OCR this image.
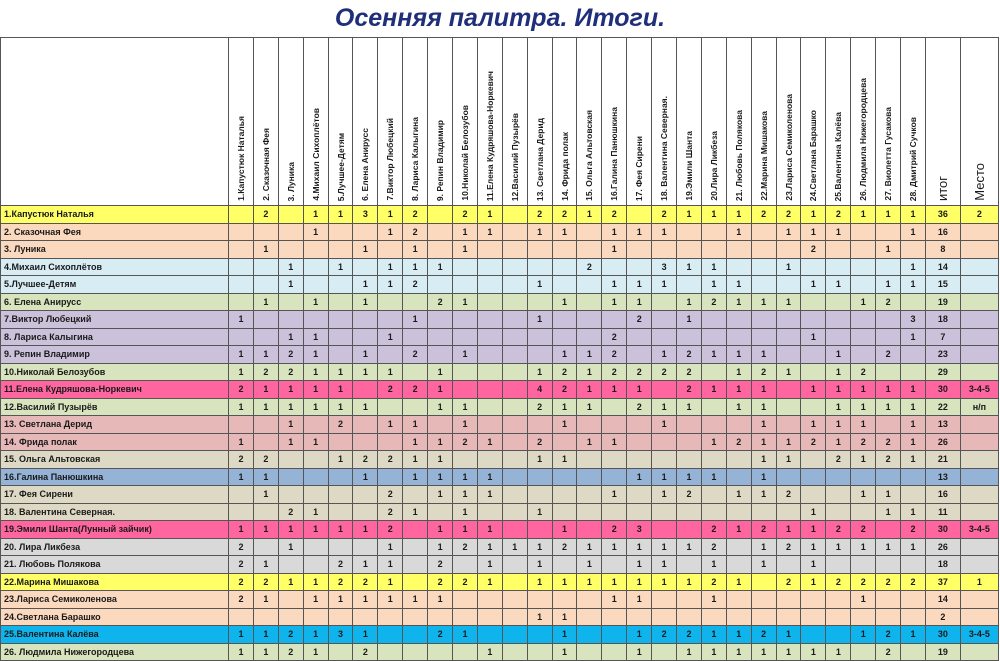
Осенняя палитра. Итоги.
	1.Капустюк Наталья	2. Сказочная Фея	3. Луника	4.Михаил Сихоплётов	5.Лучшее-Детям	6. Елена Анирусс	7.Виктор Любецкий	8. Лариса Калыгина	9. Репин Владимир	10.Николай Белозубов	11.Елена Кудряшова-Норкевич	12.Василий Пузырёв	13. Светлана Дерид	14. Фрида полак	15. Ольга Альтовская	16.Галина Панюшкина	17. Фея Сирени	18. Валентина Северная.	19.Эмили Шанта	20.Лира Ликбеза	21. Любовь Полякова	22.Марина Мишакова	23.Лариса Семиколенова	24.Светлана Барашко	25.Валентина Калёва	26. Людмила Нижегородцева	27. Виолетта Гусакова	28. Дмитрий Сучков	итог	Место
1.Капустюк Наталья		2		1	1	3	1	2		2	1		2	2	1	2		2	1	1	1	2	2	1	2	1	1	1	36	2
2. Сказочная Фея				1			1	2		1	1		1	1		1	1	1			1		1	1	1			1	16	
3. Луника		1				1		1		1						1								2			1		8	
4.Михаил Сихоплётов			1		1		1	1	1						2			3	1	1			1					1	14	
5.Лучшее-Детям			1			1	1	2					1			1	1	1		1	1			1	1		1	1	15	
6. Елена Анирусс		1		1		1			2	1				1		1	1		1	2	1	1	1			1	2		19	
7.Виктор Любецкий	1							1					1				2		1									3	18	
8. Лариса Калыгина			1	1			1									2								1				1	7	
9. Репин Владимир	1	1	2	1		1		2		1				1	1	2		1	2	1	1	1			1		2		23	
10.Николай Белозубов	1	2	2	1	1	1	1		1				1	2	1	2	2	2	2		1	2	1		1	2			29	
11.Елена Кудряшова-Норкевич	2	1	1	1	1		2	2	1				4	2	1	1	1		2	1	1	1		1	1	1	1	1	30	3-4-5
12.Василий Пузырёв	1	1	1	1	1	1			1	1			2	1	1		2	1	1		1	1			1	1	1	1	22	н/п
13. Светлана Дерид			1		2		1	1		1				1				1				1		1	1	1		1	13	
14. Фрида полак	1		1	1				1	1	2	1		2		1	1				1	2	1	1	2	1	2	2	1	26	
15. Ольга Альтовская	2	2			1	2	2	1	1				1	1								1	1		2	1	2	1	21	
16.Галина Панюшкина	1	1				1		1	1	1	1						1	1	1	1		1							13	
17. Фея Сирени		1					2		1	1	1					1		1	2		1	1	2			1	1		16	
18. Валентина Северная.			2	1			2	1		1			1											1			1	1	11	
19.Эмили Шанта(Лунный зайчик)	1	1	1	1	1	1	2		1	1	1			1		2	3			2	1	2	1	1	2	2		2	30	3-4-5
20. Лира Ликбеза	2		1				1		1	2	1	1	1	2	1	1	1	1	1	2		1	2	1	1	1	1	1	26	
21. Любовь Полякова	2	1			2	1	1		2		1		1		1		1	1		1		1		1					18	
22.Марина Мишакова	2	2	1	1	2	2	1		2	2	1		1	1	1	1	1	1	1	2	1		2	1	2	2	2	2	37	1
23.Лариса Семиколенова	2	1		1	1	1	1	1	1							1	1			1						1			14	
24.Светлана Барашко													1	1															2	
25.Валентина Калёва	1	1	2	1	3	1			2	1				1			1	2	2	1	1	2	1			1	2	1	30	3-4-5
26. Людмила Нижегородцева	1	1	2	1		2					1			1			1		1	1	1	1	1	1	1		2		19	
